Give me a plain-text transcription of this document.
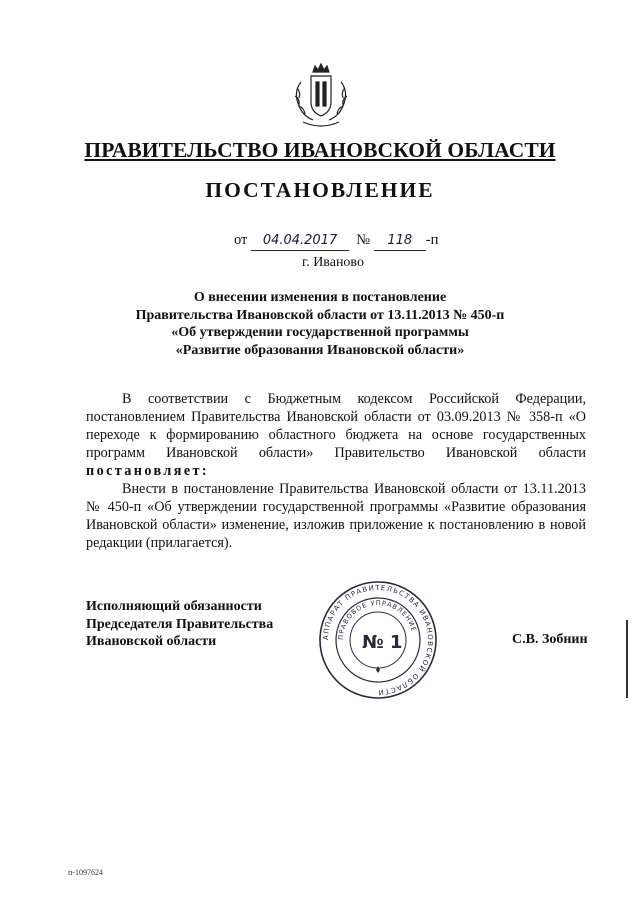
ПРАВИТЕЛЬСТВО ИВАНОВСКОЙ ОБЛАСТИ
ПОСТАНОВЛЕНИЕ
от 04.04.2017 № 118 -п
г. Иваново
О внесении изменения в постановление
Правительства Ивановской области от 13.11.2013 № 450-п
«Об утверждении государственной программы
«Развитие образования Ивановской области»

В соответствии с Бюджетным кодексом Российской Федерации, постановлением Правительства Ивановской области от 03.09.2013 № 358-п «О переходе к формированию областного бюджета на основе государственных программ Ивановской области» Правительство Ивановской области постановляет:

Внести в постановление Правительства Ивановской области от 13.11.2013 № 450-п «Об утверждении государственной программы «Развитие образования Ивановской области» изменение, изложив приложение к постановлению в новой редакции (прилагается).

Исполняющий обязанности
Председателя Правительства
Ивановской области	АППАРАТ ПРАВИТЕЛЬСТВА ИВАНОВСКОЙ ОБЛАСТИ
ПРАВОВОЕ УПРАВЛЕНИЕ
№ 1	С.В. Зобнин
п-1097624
